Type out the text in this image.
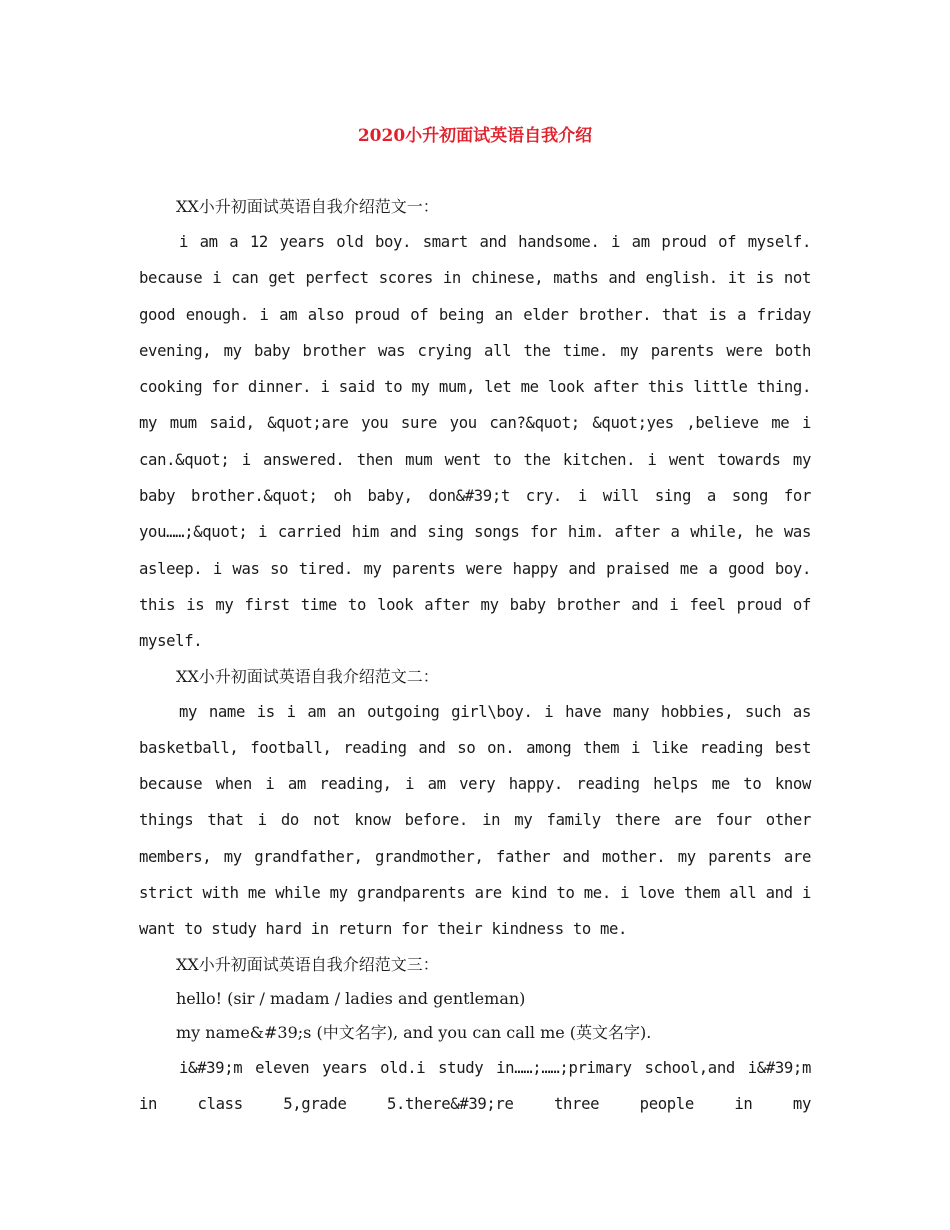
2020小升初面试英语自我介绍

XX小升初面试英语自我介绍范文一：

i am a 12 years old boy. smart and handsome. i am proud of myself. because i can get perfect scores in chinese, maths and english. it is not good enough. i am also proud of being an elder brother. that is a friday evening, my baby brother was crying all the time. my parents were both cooking for dinner. i said to my mum, let me look after this little thing. my mum said, &quot;are you sure you can?&quot; &quot;yes ,believe me i can.&quot; i answered. then mum went to the kitchen. i went towards my baby brother.&quot; oh baby, don&#39;t cry. i will sing a song for you……;&quot; i carried him and sing songs for him. after a while, he was asleep. i was so tired. my parents were happy and praised me a good boy. this is my first time to look after my baby brother and i feel proud of myself.

XX小升初面试英语自我介绍范文二：

my name is i am an outgoing girl\boy. i have many hobbies, such as basketball, football, reading and so on. among them i like reading best because when i am reading, i am very happy. reading helps me to know things that i do not know before. in my family there are four other members, my grandfather, grandmother, father and mother. my parents are strict with me while my grandparents are kind to me. i love them all and i want to study hard in return for their kindness to me.

XX小升初面试英语自我介绍范文三：

hello! (sir / madam / ladies and gentleman)

my name&#39;s (中文名字), and you can call me (英文名字).

i&#39;m eleven years old.i study in……;……;primary school,and i&#39;m in class 5,grade 5.there&#39;re three people in my
